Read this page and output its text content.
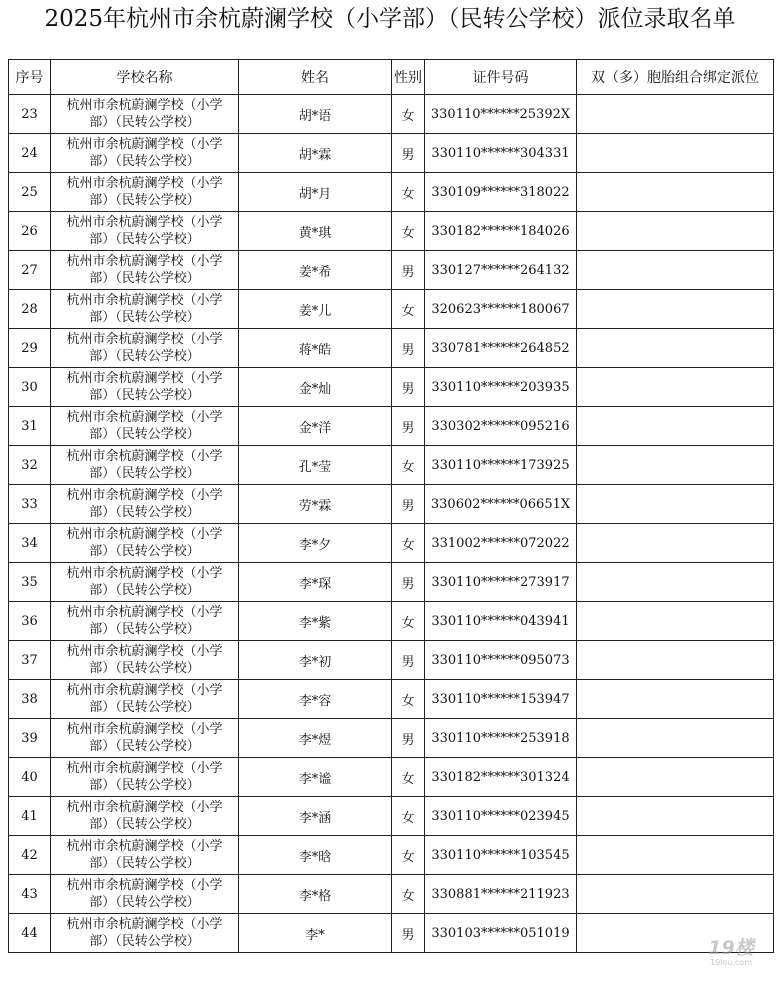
2025年杭州市余杭蔚澜学校（小学部）（民转公学校）派位录取名单
序号	学校名称	姓名	性别	证件号码	双（多）胞胎组合绑定派位
23	杭州市余杭蔚澜学校（小学
部）（民转公学校）	胡*语	女	330110******25392X	
24	杭州市余杭蔚澜学校（小学
部）（民转公学校）	胡*霖	男	330110******304331	
25	杭州市余杭蔚澜学校（小学
部）（民转公学校）	胡*月	女	330109******318022	
26	杭州市余杭蔚澜学校（小学
部）（民转公学校）	黄*琪	女	330182******184026	
27	杭州市余杭蔚澜学校（小学
部）（民转公学校）	姜*希	男	330127******264132	
28	杭州市余杭蔚澜学校（小学
部）（民转公学校）	姜*儿	女	320623******180067	
29	杭州市余杭蔚澜学校（小学
部）（民转公学校）	蒋*皓	男	330781******264852	
30	杭州市余杭蔚澜学校（小学
部）（民转公学校）	金*灿	男	330110******203935	
31	杭州市余杭蔚澜学校（小学
部）（民转公学校）	金*洋	男	330302******095216	
32	杭州市余杭蔚澜学校（小学
部）（民转公学校）	孔*莹	女	330110******173925	
33	杭州市余杭蔚澜学校（小学
部）（民转公学校）	劳*霖	男	330602******06651X	
34	杭州市余杭蔚澜学校（小学
部）（民转公学校）	李*夕	女	331002******072022	
35	杭州市余杭蔚澜学校（小学
部）（民转公学校）	李*琛	男	330110******273917	
36	杭州市余杭蔚澜学校（小学
部）（民转公学校）	李*紫	女	330110******043941	
37	杭州市余杭蔚澜学校（小学
部）（民转公学校）	李*初	男	330110******095073	
38	杭州市余杭蔚澜学校（小学
部）（民转公学校）	李*容	女	330110******153947	
39	杭州市余杭蔚澜学校（小学
部）（民转公学校）	李*煜	男	330110******253918	
40	杭州市余杭蔚澜学校（小学
部）（民转公学校）	李*谧	女	330182******301324	
41	杭州市余杭蔚澜学校（小学
部）（民转公学校）	李*涵	女	330110******023945	
42	杭州市余杭蔚澜学校（小学
部）（民转公学校）	李*晗	女	330110******103545	
43	杭州市余杭蔚澜学校（小学
部）（民转公学校）	李*格	女	330881******211923	
44	杭州市余杭蔚澜学校（小学
部）（民转公学校）	李*	男	330103******051019	
19楼
19lou.com
